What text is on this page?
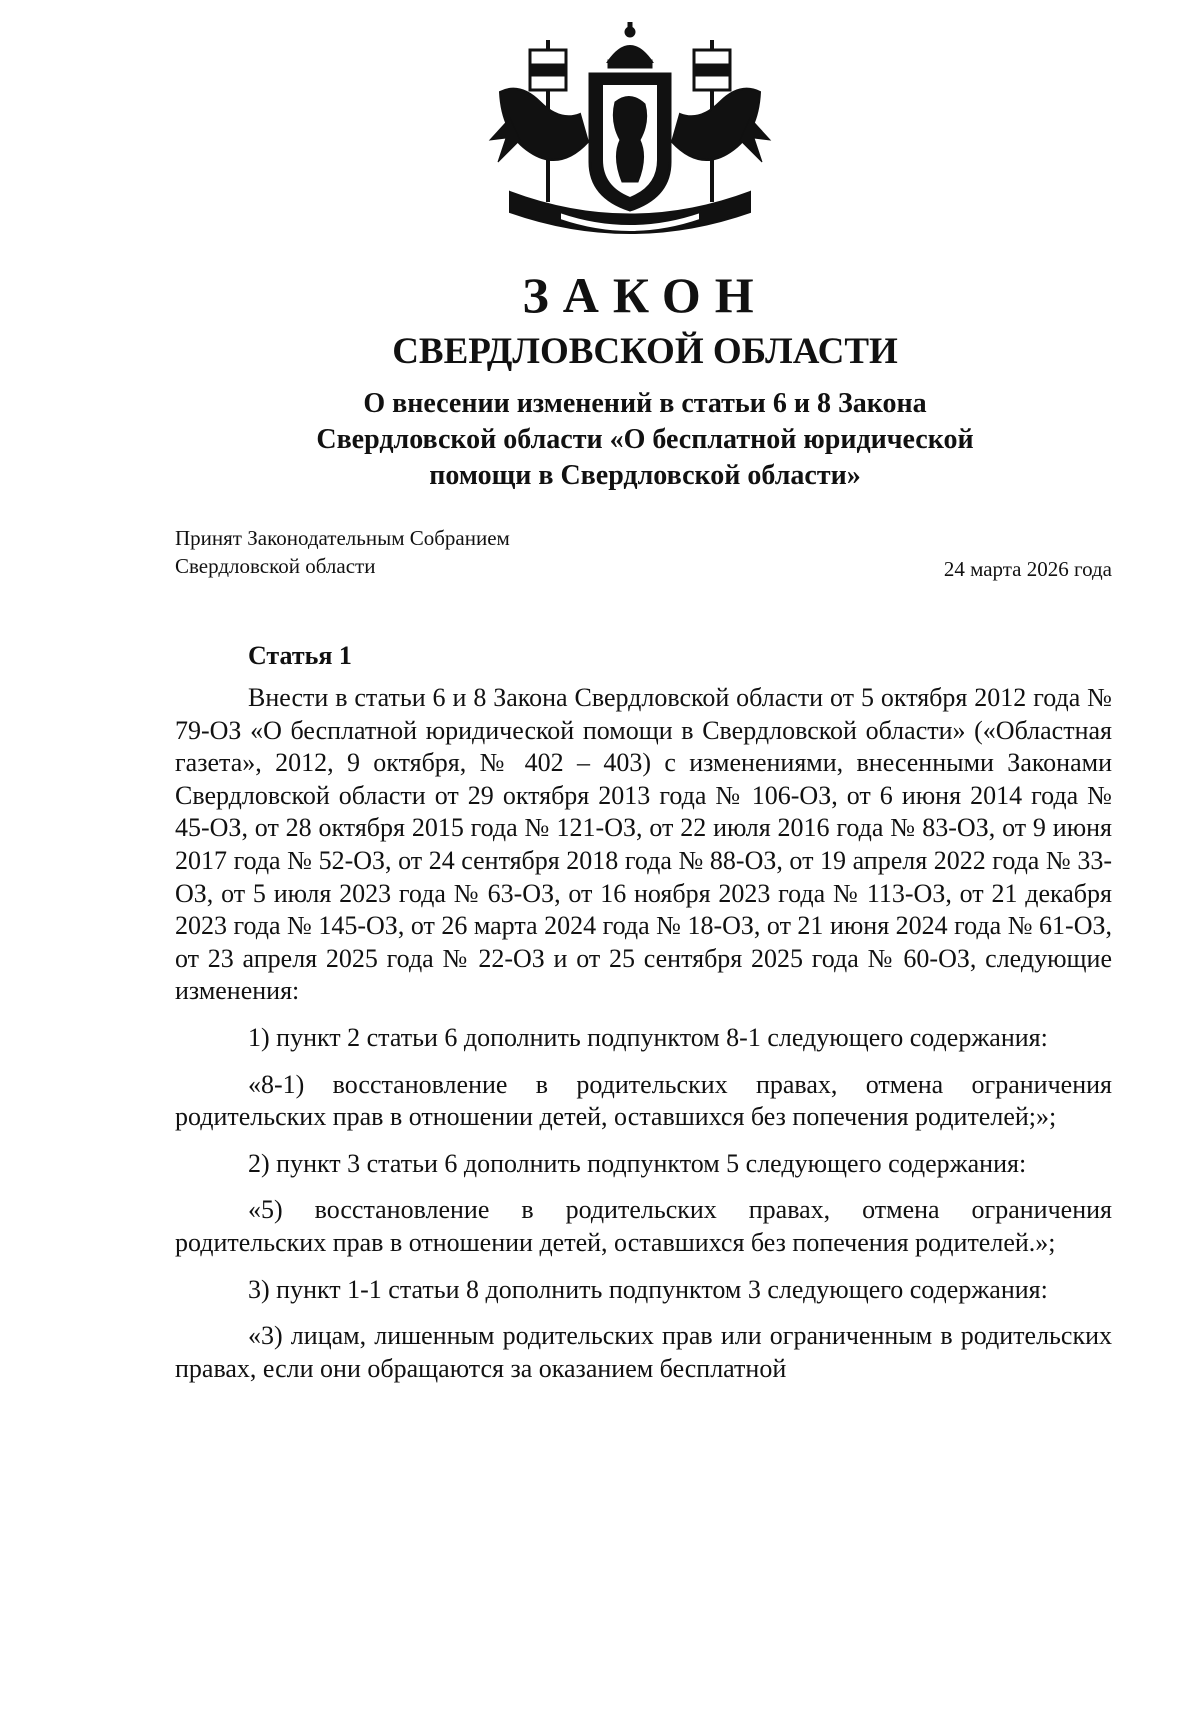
ЗАКОН
СВЕРДЛОВСКОЙ ОБЛАСТИ
О внесении изменений в статьи 6 и 8 Закона
Свердловской области «О бесплатной юридической
помощи в Свердловской области»
Принят Законодательным Собранием
Свердловской области	24 марта 2026 года
Статья 1

Внести в статьи 6 и 8 Закона Свердловской области от 5 октября 2012 года № 79-ОЗ «О бесплатной юридической помощи в Свердловской области» («Областная газета», 2012, 9 октября, № 402 – 403) с изменениями, внесенными Законами Свердловской области от 29 октября 2013 года № 106-ОЗ, от 6 июня 2014 года № 45-ОЗ, от 28 октября 2015 года № 121-ОЗ, от 22 июля 2016 года № 83-ОЗ, от 9 июня 2017 года № 52-ОЗ, от 24 сентября 2018 года № 88-ОЗ, от 19 апреля 2022 года № 33-ОЗ, от 5 июля 2023 года № 63-ОЗ, от 16 ноября 2023 года № 113-ОЗ, от 21 декабря 2023 года № 145-ОЗ, от 26 марта 2024 года № 18-ОЗ, от 21 июня 2024 года № 61-ОЗ, от 23 апреля 2025 года № 22-ОЗ и от 25 сентября 2025 года № 60-ОЗ, следующие изменения:

1) пункт 2 статьи 6 дополнить подпунктом 8-1 следующего содержания:

«8-1) восстановление в родительских правах, отмена ограничения родительских прав в отношении детей, оставшихся без попечения родителей;»;

2) пункт 3 статьи 6 дополнить подпунктом 5 следующего содержания:

«5) восстановление в родительских правах, отмена ограничения родительских прав в отношении детей, оставшихся без попечения родителей.»;

3) пункт 1-1 статьи 8 дополнить подпунктом 3 следующего содержания:

«3) лицам, лишенным родительских прав или ограниченным в родительских правах, если они обращаются за оказанием бесплатной
